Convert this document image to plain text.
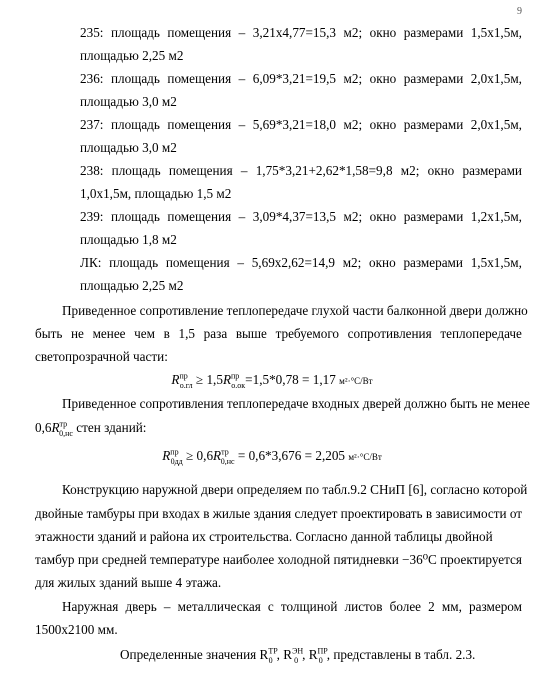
9
235: площадь помещения – 3,21х4,77=15,3 м2; окно размерами 1,5х1,5м,
площадью 2,25 м2
236: площадь помещения – 6,09*3,21=19,5 м2; окно размерами 2,0х1,5м,
площадью 3,0 м2
237: площадь помещения – 5,69*3,21=18,0 м2; окно размерами 2,0х1,5м,
площадью 3,0 м2
238: площадь помещения – 1,75*3,21+2,62*1,58=9,8 м2; окно размерами
1,0х1,5м, площадью 1,5 м2
239: площадь помещения – 3,09*4,37=13,5 м2; окно размерами 1,2х1,5м,
площадью 1,8 м2
ЛК: площадь помещения – 5,69х2,62=14,9 м2; окно размерами 1,5х1,5м,
площадью 2,25 м2
Приведенное сопротивление теплопередаче глухой части балконной двери должно
быть не менее чем в 1,5 раза выше требуемого сопротивления теплопередаче
светопрозрачной части:
$R^{пр}_{о.гл} \ge 1,5R^{пр}_{о.ок}=1,5*0,78 = 1,17$ м²·°С/Вт
Приведенное сопротивления теплопередаче входных дверей должно быть не менее
$0,6R^{тр}_{0,нс}$ стен зданий:
$R^{пр}_{0дд} \ge 0,6R^{тр}_{0,нс} = 0,6*3,676 = 2,205$ м²·°С/Вт
Конструкцию наружной двери определяем по табл.9.2 СНиП [6], согласно которой
двойные тамбуры при входах в жилые здания следует проектировать в зависимости от
этажности зданий и района их строительства. Согласно данной таблицы двойной
тамбур при средней температуре наиболее холодной пятидневки −36⁰С проектируется
для жилых зданий выше 4 этажа.
Наружная дверь – металлическая с толщиной листов более 2 мм, размером
1500х2100 мм.
Определенные значения $R^{ТР}_0$ , $R^{ЭН}_0$ , $R^{ПР}_0$ , представлены в табл. 2.3.
